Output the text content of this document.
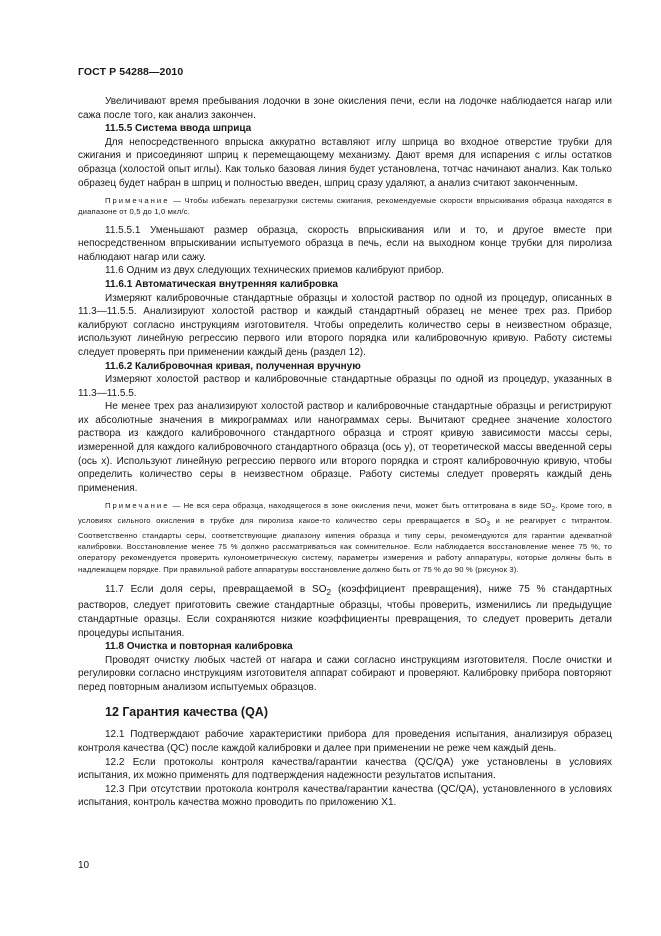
ГОСТ Р 54288—2010

Увеличивают время пребывания лодочки в зоне окисления печи, если на лодочке наблюдается нагар или сажа после того, как анализ закончен.

11.5.5 Система ввода шприца

Для непосредственного впрыска аккуратно вставляют иглу шприца во входное отверстие трубки для сжигания и присоединяют шприц к перемещающему механизму. Дают время для испарения с иглы остатков образца (холостой опыт иглы). Как только базовая линия будет установлена, тотчас начинают анализ. Как только образец будет набран в шприц и полностью введен, шприц сразу удаляют, а анализ считают законченным.

Примечание — Чтобы избежать перезагрузки системы сжигания, рекомендуемые скорости впрыскивания образца находятся в диапазоне от 0,5 до 1,0 мкл/с.

11.5.5.1 Уменьшают размер образца, скорость впрыскивания или и то, и другое вместе при непосредственном впрыскивании испытуемого образца в печь, если на выходном конце трубки для пиролиза наблюдают нагар или сажу.

11.6 Одним из двух следующих технических приемов калибруют прибор.

11.6.1 Автоматическая внутренняя калибровка

Измеряют калибровочные стандартные образцы и холостой раствор по одной из процедур, описанных в 11.3—11.5.5. Анализируют холостой раствор и каждый стандартный образец не менее трех раз. Прибор калибруют согласно инструкциям изготовителя. Чтобы определить количество серы в неизвестном образце, используют линейную регрессию первого или второго порядка или калибровочную кривую. Работу системы следует проверять при применении каждый день (раздел 12).

11.6.2 Калибровочная кривая, полученная вручную

Измеряют холостой раствор и калибровочные стандартные образцы по одной из процедур, указанных в 11.3—11.5.5.

Не менее трех раз анализируют холостой раствор и калибровочные стандартные образцы и регистрируют их абсолютные значения в микрограммах или нанограммах серы. Вычитают среднее значение холостого раствора из каждого калибровочного стандартного образца и строят кривую зависимости массы серы, измеренной для каждого калибровочного стандартного образца (ось y), от теоретической массы введенной серы (ось x). Используют линейную регрессию первого или второго порядка и строят калибровочную кривую, чтобы определить количество серы в неизвестном образце. Работу системы следует проверять каждый день применения.

Примечание — Не вся сера образца, находящегося в зоне окисления печи, может быть оттитрована в виде $SO_2$. Кроме того, в условиях сильного окисления в трубке для пиролиза какое-то количество серы превращается в $SO_3$ и не реагирует с титрантом. Соответственно стандарты серы, соответствующие диапазону кипения образца и типу серы, рекомендуются для гарантии адекватной калибровки. Восстановление менее 75 % должно рассматриваться как сомнительное. Если наблюдается восстановление менее 75 %, то оператору рекомендуется проверить кулонометрическую систему, параметры измерения и работу аппаратуры, которые должны быть в надлежащем порядке. При правильной работе аппаратуры восстановление должно быть от 75 % до 90 % (рисунок 3).

11.7 Если доля серы, превращаемой в $SO_2$ (коэффициент превращения), ниже 75 % стандартных растворов, следует приготовить свежие стандартные образцы, чтобы проверить, изменились ли предыдущие стандартные оразцы. Если сохраняются низкие коэффициенты превращения, то следует проверить детали процедуры испытания.

11.8 Очистка и повторная калибровка

Проводят очистку любых частей от нагара и сажи согласно инструкциям изготовителя. После очистки и регулировки согласно инструкциям изготовителя аппарат собирают и проверяют. Калибровку прибора повторяют перед повторным анализом испытуемых образцов.

12 Гарантия качества (QA)

12.1 Подтверждают рабочие характеристики прибора для проведения испытания, анализируя образец контроля качества (QC) после каждой калибровки и далее при применении не реже чем каждый день.

12.2 Если протоколы контроля качества/гарантии качества (QC/QA) уже установлены в условиях испытания, их можно применять для подтверждения надежности результатов испытания.

12.3 При отсутствии протокола контроля качества/гарантии качества (QC/QA), установленного в условиях испытания, контроль качества можно проводить по приложению Х1.

10
